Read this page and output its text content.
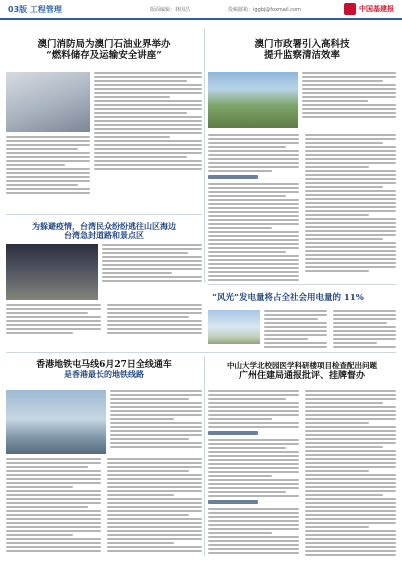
03版 工程管理	版面编辑：林国昌	投稿邮箱：iggbj@foxmail.com	中国基建报
澳门消防局为澳门石油业界举办
“燃料储存及运输安全讲座”
澳门市政署引入高科技
提升监察清洁效率
为躲避疫情，台湾民众纷纷逃往山区海边
台湾急封道路和景点区
“风光”发电量将占全社会用电量的 11%
香港地铁屯马线6月27日全线通车
是香港最长的地铁线路
中山大学北校园医学科研楼项目检查配出问题
广州住建局通报批评、挂牌督办
